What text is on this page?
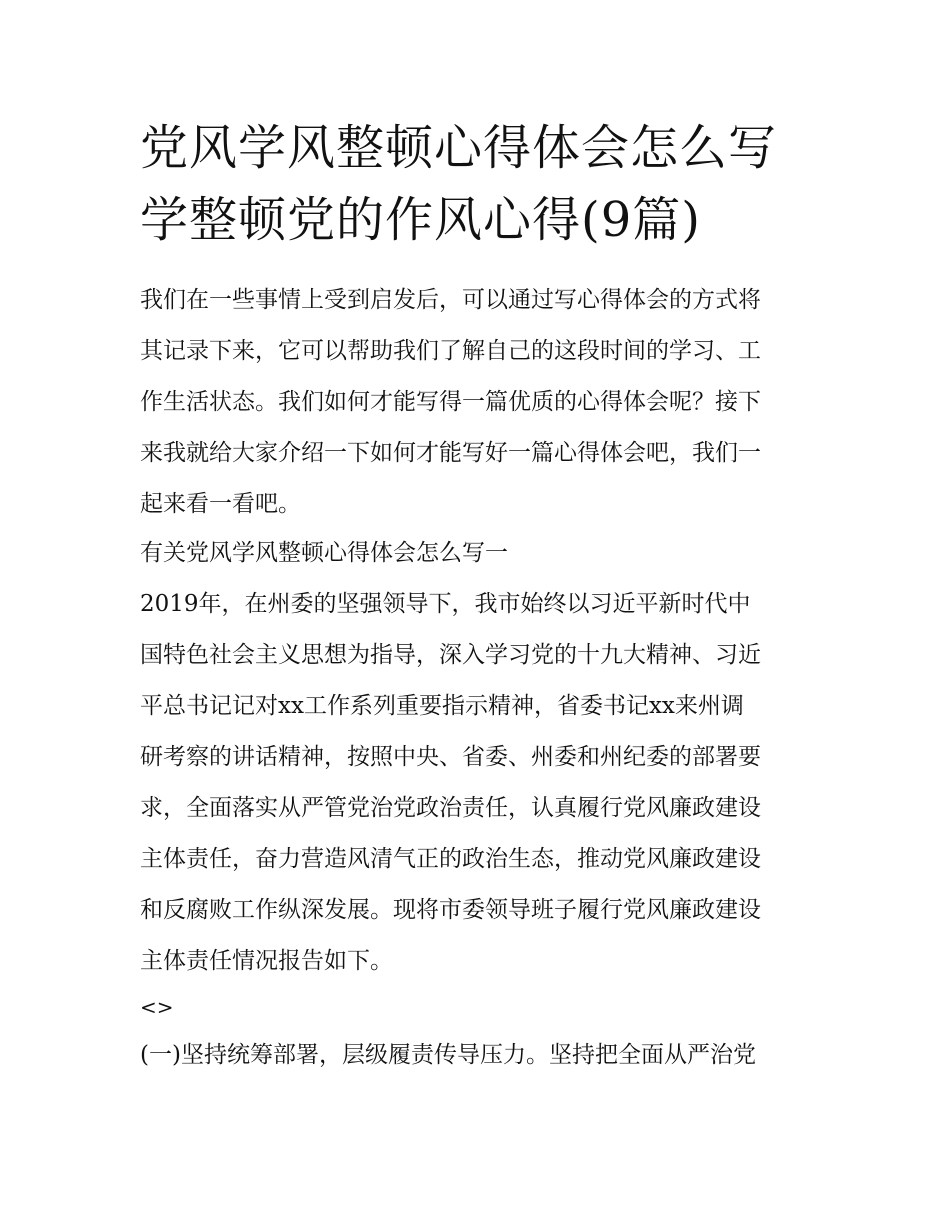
党风学风整顿心得体会怎么写
学整顿党的作风心得(9篇)
我们在一些事情上受到启发后，可以通过写心得体会的方式将
其记录下来，它可以帮助我们了解自己的这段时间的学习、工
作生活状态。我们如何才能写得一篇优质的心得体会呢？接下
来我就给大家介绍一下如何才能写好一篇心得体会吧，我们一
起来看一看吧。
有关党风学风整顿心得体会怎么写一
2019年，在州委的坚强领导下，我市始终以习近平新时代中
国特色社会主义思想为指导，深入学习党的十九大精神、习近
平总书记记对xx工作系列重要指示精神，省委书记xx来州调
研考察的讲话精神，按照中央、省委、州委和州纪委的部署要
求，全面落实从严管党治党政治责任，认真履行党风廉政建设
主体责任，奋力营造风清气正的政治生态，推动党风廉政建设
和反腐败工作纵深发展。现将市委领导班子履行党风廉政建设
主体责任情况报告如下。
<>
(一)坚持统筹部署，层级履责传导压力。坚持把全面从严治党
